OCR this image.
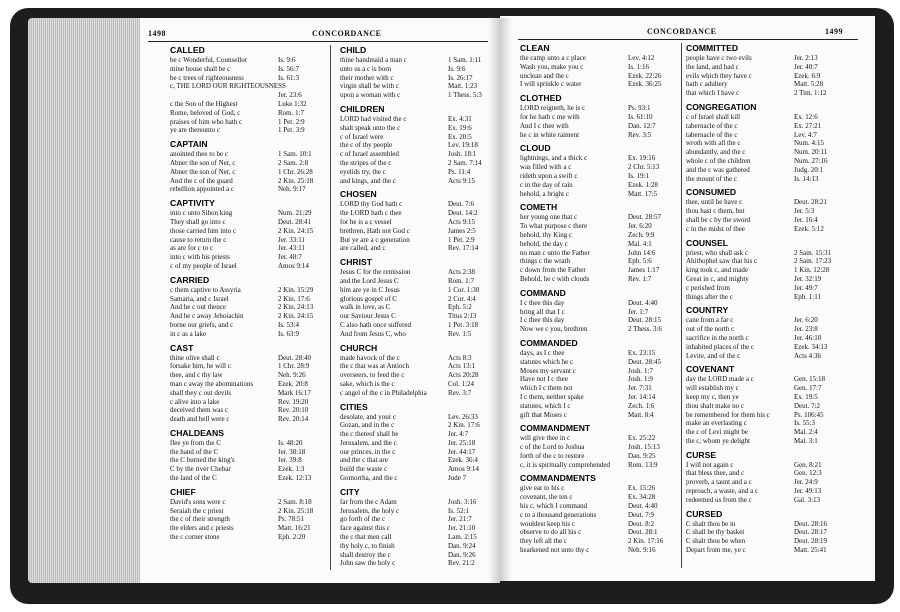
1498	CONCORDANCE
CALLED
be c Wonderful, Counsellor	Is. 9:6
mine house shall be c	Is. 56:7
be c trees of righteousness	Is. 61:3
c, THE LORD OUR RIGHTEOUSNESS
Jer. 23:6
c the Son of the Highest	Luke 1:32
Rome, beloved of God, c	Rom. 1:7
praises of him who hath c	1 Pet. 2:9
ye are thereunto c	1 Pet. 3:9
CAPTAIN
anointed thee to be c	1 Sam. 10:1
Abner the son of Ner, c	2 Sam. 2:8
Abner the son of Ner, c	1 Chr. 26:28
And the c of the guard	2 Kin. 25:18
rebellion appointed a c	Neh. 9:17
CAPTIVITY
into c unto Sihon king	Num. 21:29
They shall go into c	Deut. 28:41
those carried him into c	2 Kin. 24:15
cause to return the c	Jer. 33:11
as are for c to c	Jer. 43:11
into c with his priests	Jer. 48:7
c of my people of Israel	Amos 9:14
CARRIED
c them captive to Assyria	2 Kin. 15:29
Samaria, and c Israel	2 Kin. 17:6
And he c out thence	2 Kin. 24:13
And he c away Jehoiachin	2 Kin. 24:15
borne our griefs, and c	Is. 53:4
in c as a lake	Is. 63:9
CAST
thine olive shall c	Deut. 28:40
forsake him, he will c	1 Chr. 28:9
thee, and c thy law	Neh. 9:26
man c away the abominations	Ezek. 20:8
shall they c out devils	Mark 16:17
c alive into a lake	Rev. 19:20
deceived them was c	Rev. 20:10
death and hell were c	Rev. 20:14
CHALDEANS
flee ye from the C	Is. 48:20
the hand of the C	Jer. 38:18
the C burned the king's	Jer. 39:8
C by the river Chebar	Ezek. 1:3
the land of the C	Ezek. 12:13
CHIEF
David's sons were c	2 Sam. 8:18
Seraiah the c priest	2 Kin. 25:18
the c of their strength	Ps. 78:51
the elders and c priests	Matt. 16:21
the c corner stone	Eph. 2:20
CHILD
thine handmaid a man c	1 Sam. 1:11
unto us a c is born	Is. 9:6
their mother with c	Is. 26:17
virgin shall be with c	Matt. 1:23
upon a woman with c	1 Thess. 5:3
CHILDREN
LORD had visited the c	Ex. 4:31
shalt speak unto the c	Ex. 19:6
c of Israel were	Ex. 20:5
the c of thy people	Lev. 19:18
c of Israel assembled	Josh. 18:1
the stripes of the c	2 Sam. 7:14
eyelids try, the c	Ps. 11:4
and kings, and the c	Acts 9:15
CHOSEN
LORD thy God hath c	Deut. 7:6
the LORD hath c thee	Deut. 14:2
for he is a c vessel	Acts 9:15
brethren, Hath not God c	James 2:5
But ye are a c generation	1 Pet. 2:9
are called, and c	Rev. 17:14
CHRIST
Jesus C for the remission	Acts 2:38
and the Lord Jesus C	Rom. 1:7
him are ye in C Jesus	1 Cor. 1:30
glorious gospel of C	2 Cor. 4:4
walk in love, as C	Eph. 5:2
our Saviour Jesus C	Titus 2:13
C also hath once suffered	1 Pet. 3:18
And from Jesus C, who	Rev. 1:5
CHURCH
made havock of the c	Acts 8:3
the c that was at Antioch	Acts 13:1
overseers, to feed the c	Acts 20:28
sake, which is the c	Col. 1:24
c angel of the c in Philadelphia	Rev. 3:7
CITIES
desolate, and your c	Lev. 26:33
Gozan, and in the c	2 Kin. 17:6
the c thereof shall be	Jer. 4:7
Jerusalem, and the c	Jer. 25:18
our princes, in the c	Jer. 44:17
and the c that are	Ezek. 36:4
build the waste c	Amos 9:14
Gomorrha, and the c	Jude 7
CITY
far from the c Adam	Josh. 3:16
Jerusalem, the holy c	Is. 52:1
go forth of the c	Jer. 21:7
face against this c	Jer. 21:10
the c that men call	Lam. 2:15
thy holy c, to finish	Dan. 9:24
shall destroy the c	Dan. 9:26
John saw the holy c	Rev. 21:2
CONCORDANCE	1499
CLEAN
the camp unto a c place	Lev. 4:12
Wash you, make you c	Is. 1:16
unclean and the c	Ezek. 22:26
I will sprinkle c water	Ezek. 36:25
CLOTHED
LORD reigneth, he is c	Ps. 93:1
for he hath c me with	Is. 61:10
And I c thee with	Dan. 12:7
he c in white raiment	Rev. 3:5
CLOUD
lightnings, and a thick c	Ex. 19:16
was filled with a c	2 Chr. 5:13
rideth upon a swift c	Is. 19:1
c in the day of rain	Ezek. 1:28
behold, a bright c	Matt. 17:5
COMETH
her young one that c	Deut. 28:57
To what purpose c there	Jer. 6:20
behold, thy King c	Zech. 9:9
behold, the day c	Mal. 4:1
no man c unto the Father	John 14:6
things c the wrath	Eph. 5:6
c down from the Father	James 1:17
Behold, he c with clouds	Rev. 1:7
COMMAND
I c thee this day	Deut. 4:40
bring all that I c	Jer. 1:7
I c thee this day	Deut. 28:15
Now we c you, brethren	2 Thess. 3:6
COMMANDED
days, as I c thee	Ex. 23:15
statutes which he c	Deut. 28:45
Moses my servant c	Josh. 1:7
Have not I c thee	Josh. 1:9
which I c them not	Jer. 7:31
I c them, neither spake	Jer. 14:14
statutes, which I c	Zech. 1:6
gift that Moses c	Matt. 8:4
COMMANDMENT
will give thee in c	Ex. 25:22
c of the Lord to Joshua	Josh. 15:13
forth of the c to restore	Dan. 9:25
c, it is spiritually comprehended	Rom. 13:9
COMMANDMENTS
give ear to his c	Ex. 15:26
covenant, the ten c	Ex. 34:28
his c, which I command	Deut. 4:40
c to a thousand generations	Deut. 7:9
wouldest keep his c	Deut. 8:2
observe to do all his c	Deut. 28:1
they left all the c	2 Kin. 17:16
hearkened not unto thy c	Neh. 9:16
COMMITTED
people have c two evils	Jer. 2:13
the land, and had c	Jer. 40:7
evils which they have c	Ezek. 6:9
hath c adultery	Matt. 5:28
that which I have c	2 Tim. 1:12
CONGREGATION
c of Israel shall kill	Ex. 12:6
tabernacle of the c	Ex. 27:21
tabernacle of the c	Lev. 4:7
wroth with all the c	Num. 4:15
abundantly, and the c	Num. 20:11
whole c of the children	Num. 27:16
and the c was gathered	Judg. 20:1
the mount of the c	Is. 14:13
CONSUMED
thee, until he have c	Deut. 28:21
thou hast c them, but	Jer. 5:3
shall be c by the sword	Jer. 16:4
c in the midst of thee	Ezek. 5:12
COUNSEL
priest, who shall ask c	2 Sam. 15:31
Ahithophel saw that his c	2 Sam. 17:23
king took c, and made	1 Kin. 12:28
Great in c, and mighty	Jer. 32:19
c perished from	Jer. 49:7
things after the c	Eph. 1:11
COUNTRY
cane from a far c	Jer. 6:20
out of the north c	Jer. 23:8
sacrifice in the north c	Jer. 46:10
inhabited places of the c	Ezek. 34:13
Levite, and of the c	Acts 4:36
COVENANT
day the LORD made a c	Gen. 15:18
will establish my c	Gen. 17:7
keep my c, then ye	Ex. 19:5
thou shalt make no c	Deut. 7:2
be remembered for them his c	Ps. 106:45
make an everlasting c	Is. 55:3
the c of Levi might be	Mal. 2:4
the c, whom ye delight	Mal. 3:1
CURSE
I will not again c	Gen. 8:21
that bless thee, and c	Gen. 12:3
proverb, a taunt and a c	Jer. 24:9
reproach, a waste, and a c	Jer. 49:13
redeemed us from the c	Gal. 3:13
CURSED
C shalt thou be in	Deut. 28:16
C shall be thy basket	Deut. 28:17
C shalt thou be when	Deut. 28:19
Depart from me, ye c	Matt. 25:41
